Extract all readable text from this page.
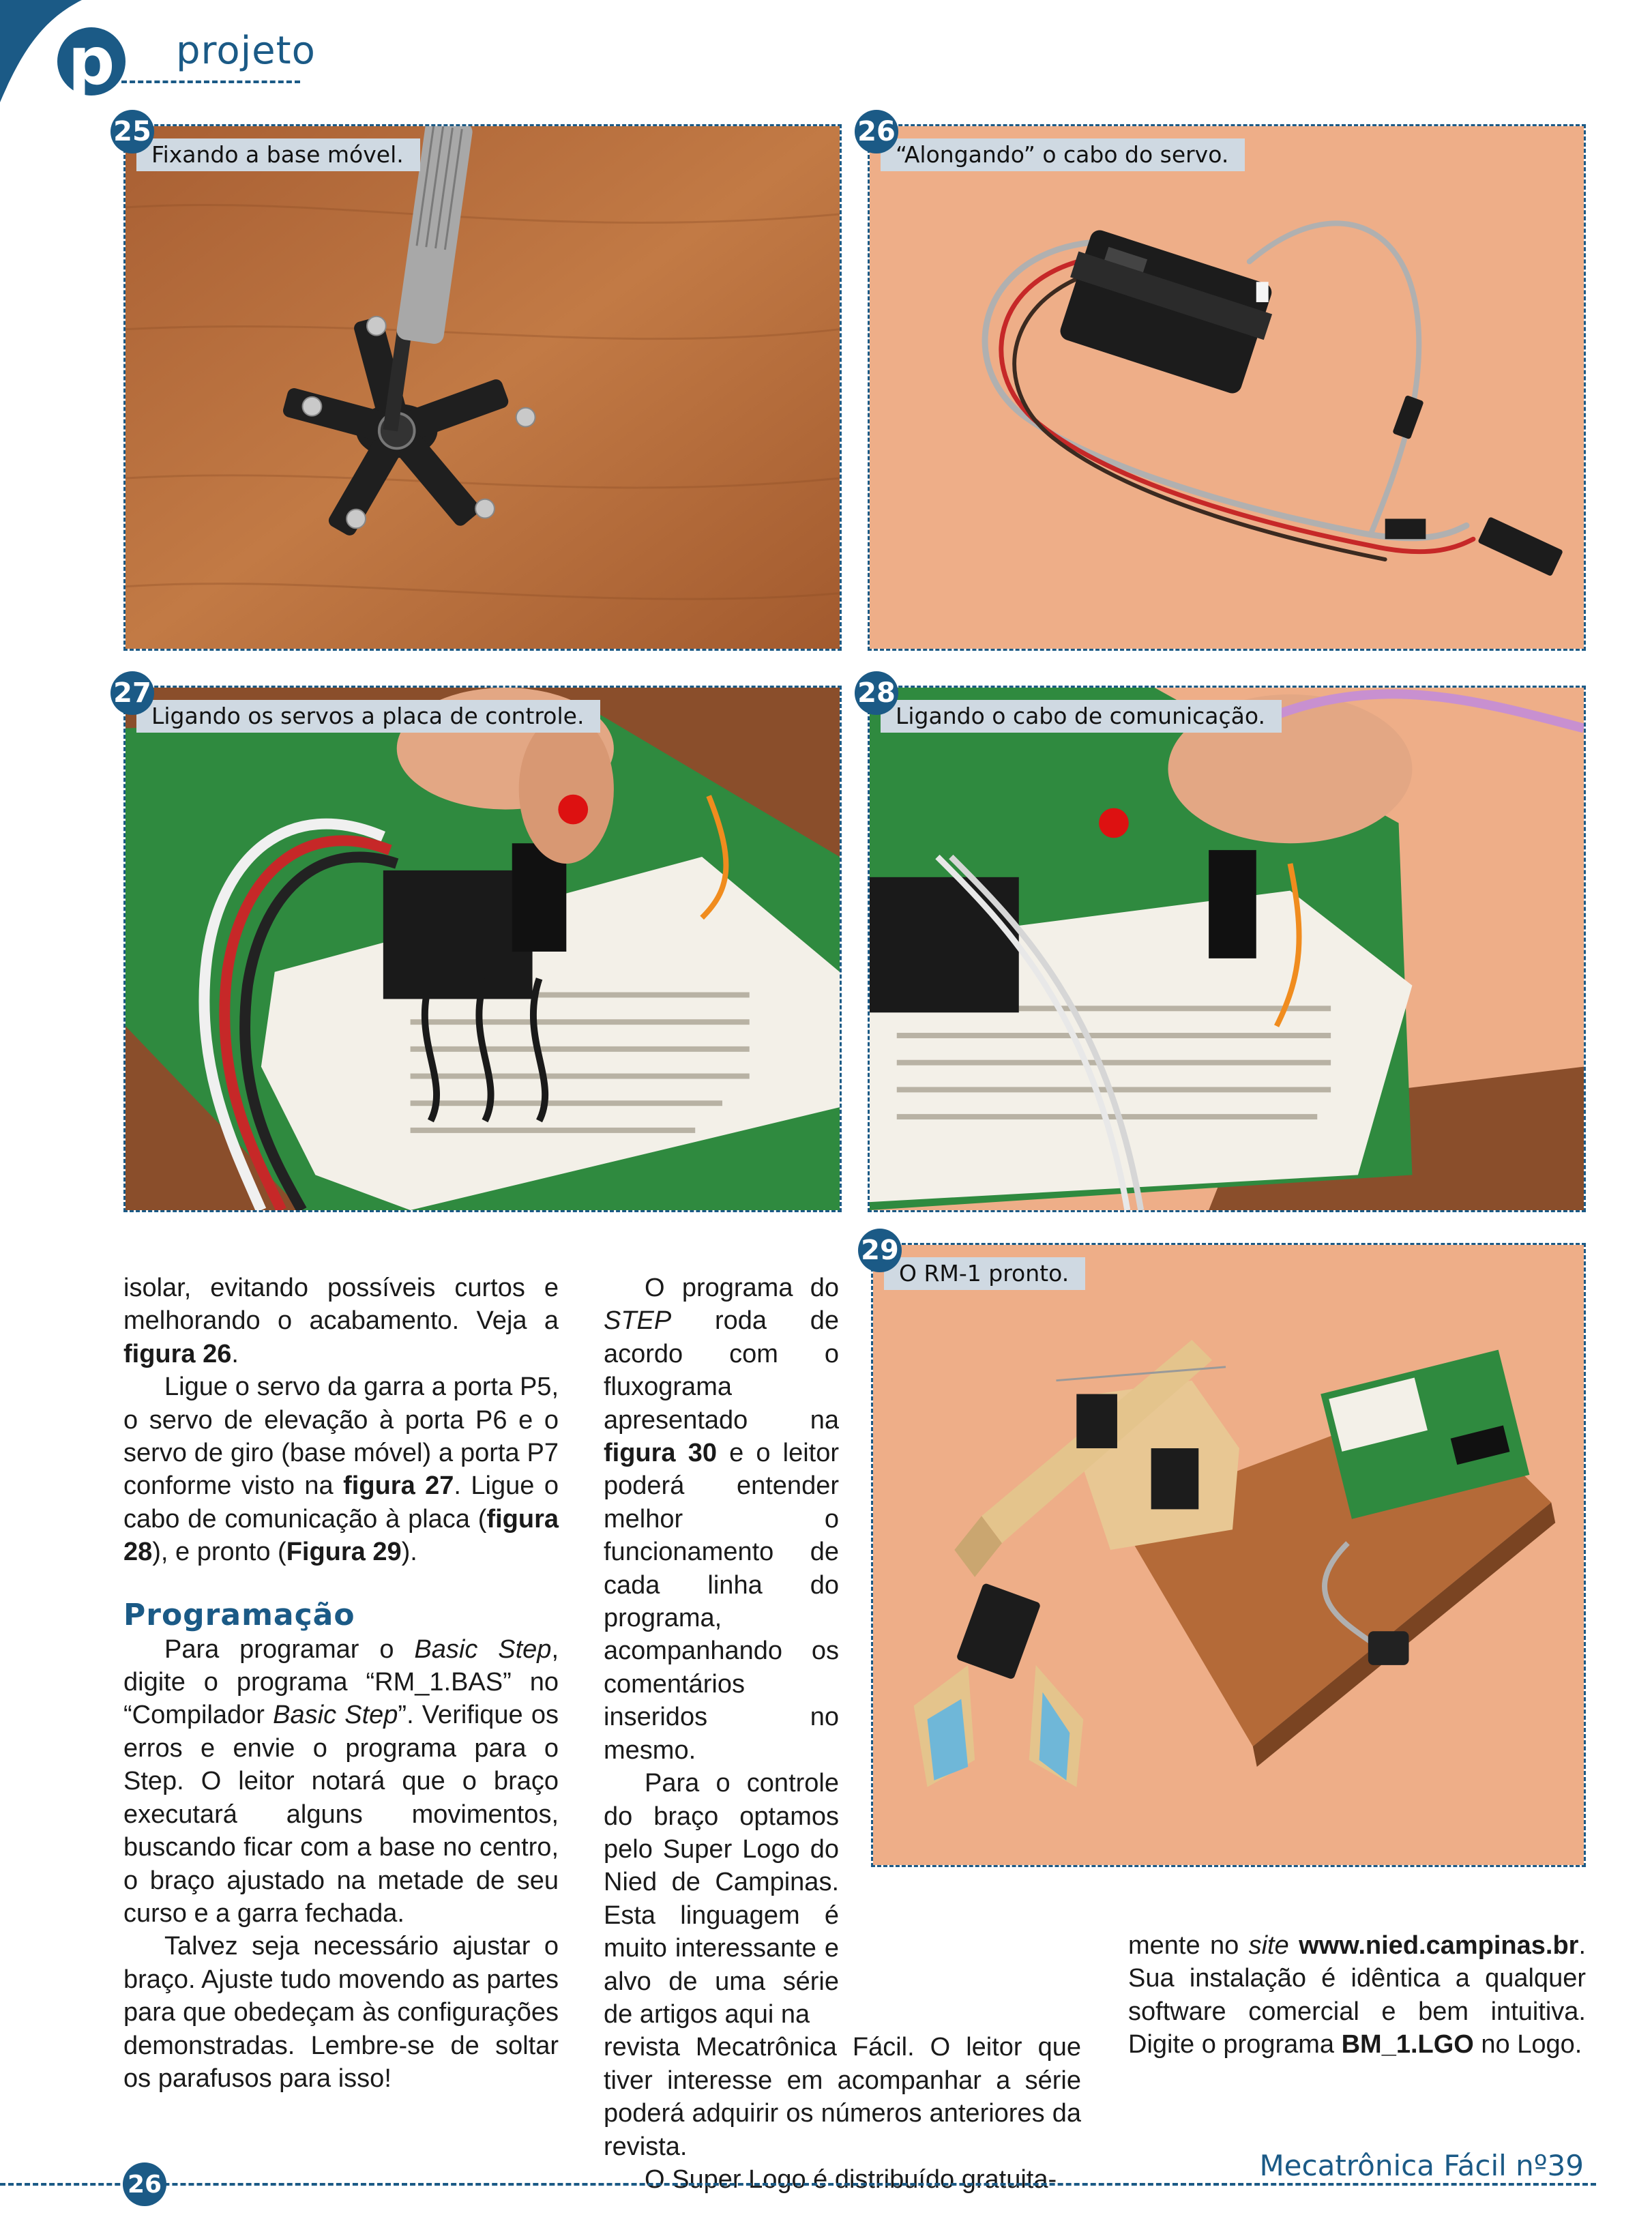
p projeto
25
Fixando a base móvel.
26
“Alongando” o cabo do servo.
27
Ligando os servos a placa de controle.
28
Ligando o cabo de comunicação.
29
O RM-1 pronto.

isolar, evitando possíveis curtos e melhorando o acabamento. Veja a figura 26.

Ligue o servo da garra a porta P5, o servo de elevação à porta P6 e o servo de giro (base móvel) a porta P7 conforme visto na figura 27. Ligue o cabo de comunicação à placa (figura 28), e pronto (Figura 29).

Programação

Para programar o Basic Step, digite o programa “RM_1.BAS” no “Compilador Basic Step”. Verifique os erros e envie o programa para o Step. O leitor notará que o braço executará alguns movimentos, buscando ficar com a base no centro, o braço ajustado na metade de seu curso e a garra fechada.

Talvez seja necessário ajustar o braço. Ajuste tudo movendo as partes para que obedeçam às configurações demonstradas. Lembre-se de soltar os parafusos para isso!

O programa do STEP roda de acordo com o fluxograma apresentado na figura 30 e o leitor poderá entender melhor o funcionamento de cada linha do programa, acompanhando os comentários inseridos no mesmo.

Para o controle do braço optamos pelo Super Logo do Nied de Campinas. Esta linguagem é muito interessante e alvo de uma série de artigos aqui na

revista Mecatrônica Fácil. O leitor que tiver interesse em acompanhar a série poderá adquirir os números anteriores da revista.

O Super Logo é distribuído gratuita-

mente no site www.nied.campinas.br. Sua instalação é idêntica a qualquer software comercial e bem intuitiva. Digite o programa BM_1.LGO no Logo.

26
Mecatrônica Fácil nº39
